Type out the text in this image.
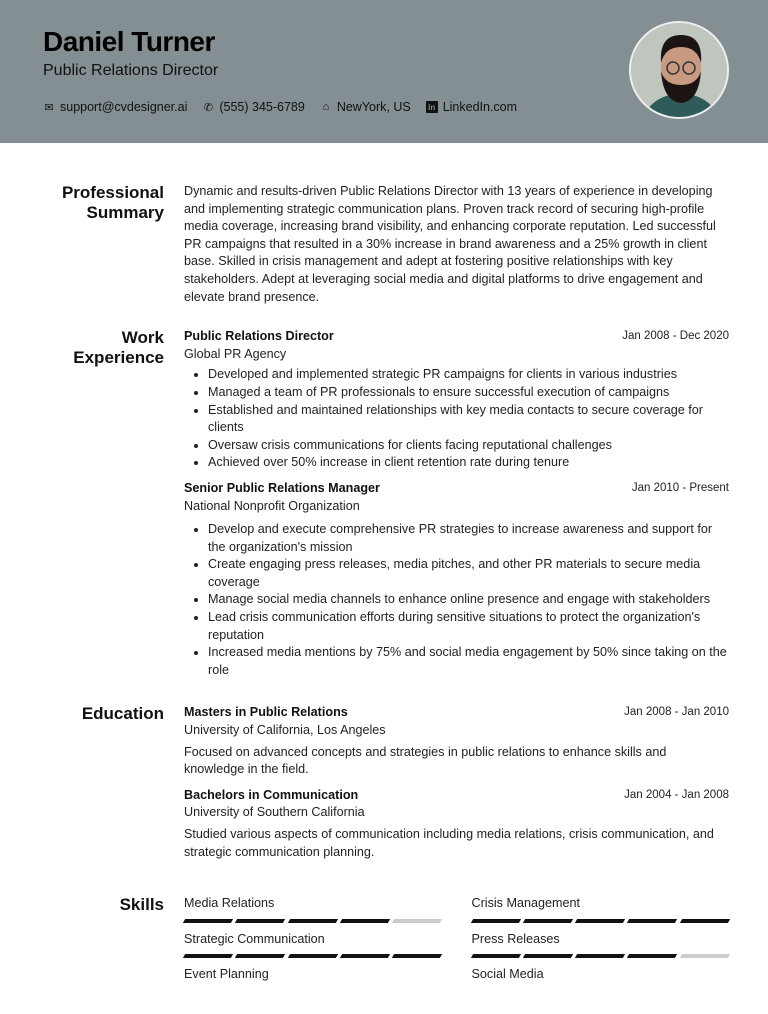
Daniel Turner
Public Relations Director
✉ support@cvdesigner.ai ✆ (555) 345-6789 ⌂ NewYork, US	in LinkedIn.com
Professional
Summary
Dynamic and results-driven Public Relations Director with 13 years of experience in developing and implementing strategic communication plans. Proven track record of securing high-profile media coverage, increasing brand visibility, and enhancing corporate reputation. Led successful PR campaigns that resulted in a 30% increase in brand awareness and a 25% growth in client base. Skilled in crisis management and adept at fostering positive relationships with key stakeholders. Adept at leveraging social media and digital platforms to drive engagement and elevate brand presence.
Work
Experience
Public Relations Director	Jan 2008 - Dec 2020
Global PR Agency
• Developed and implemented strategic PR campaigns for clients in various industries
• Managed a team of PR professionals to ensure successful execution of campaigns
• Established and maintained relationships with key media contacts to secure coverage for clients
• Oversaw crisis communications for clients facing reputational challenges
• Achieved over 50% increase in client retention rate during tenure
Senior Public Relations Manager	Jan 2010 - Present
National Nonprofit Organization
• Develop and execute comprehensive PR strategies to increase awareness and support for the organization's mission
• Create engaging press releases, media pitches, and other PR materials to secure media coverage
• Manage social media channels to enhance online presence and engage with stakeholders
• Lead crisis communication efforts during sensitive situations to protect the organization's reputation
• Increased media mentions by 75% and social media engagement by 50% since taking on the role
Education	Masters in Public Relations	Jan 2008 - Jan 2010
University of California, Los Angeles
Focused on advanced concepts and strategies in public relations to enhance skills and knowledge in the field.
Bachelors in Communication	Jan 2004 - Jan 2008
University of Southern California
Studied various aspects of communication including media relations, crisis communication, and strategic communication planning.
Skills	Media Relations	Crisis Management
Strategic Communication	Press Releases
Event Planning	Social Media
